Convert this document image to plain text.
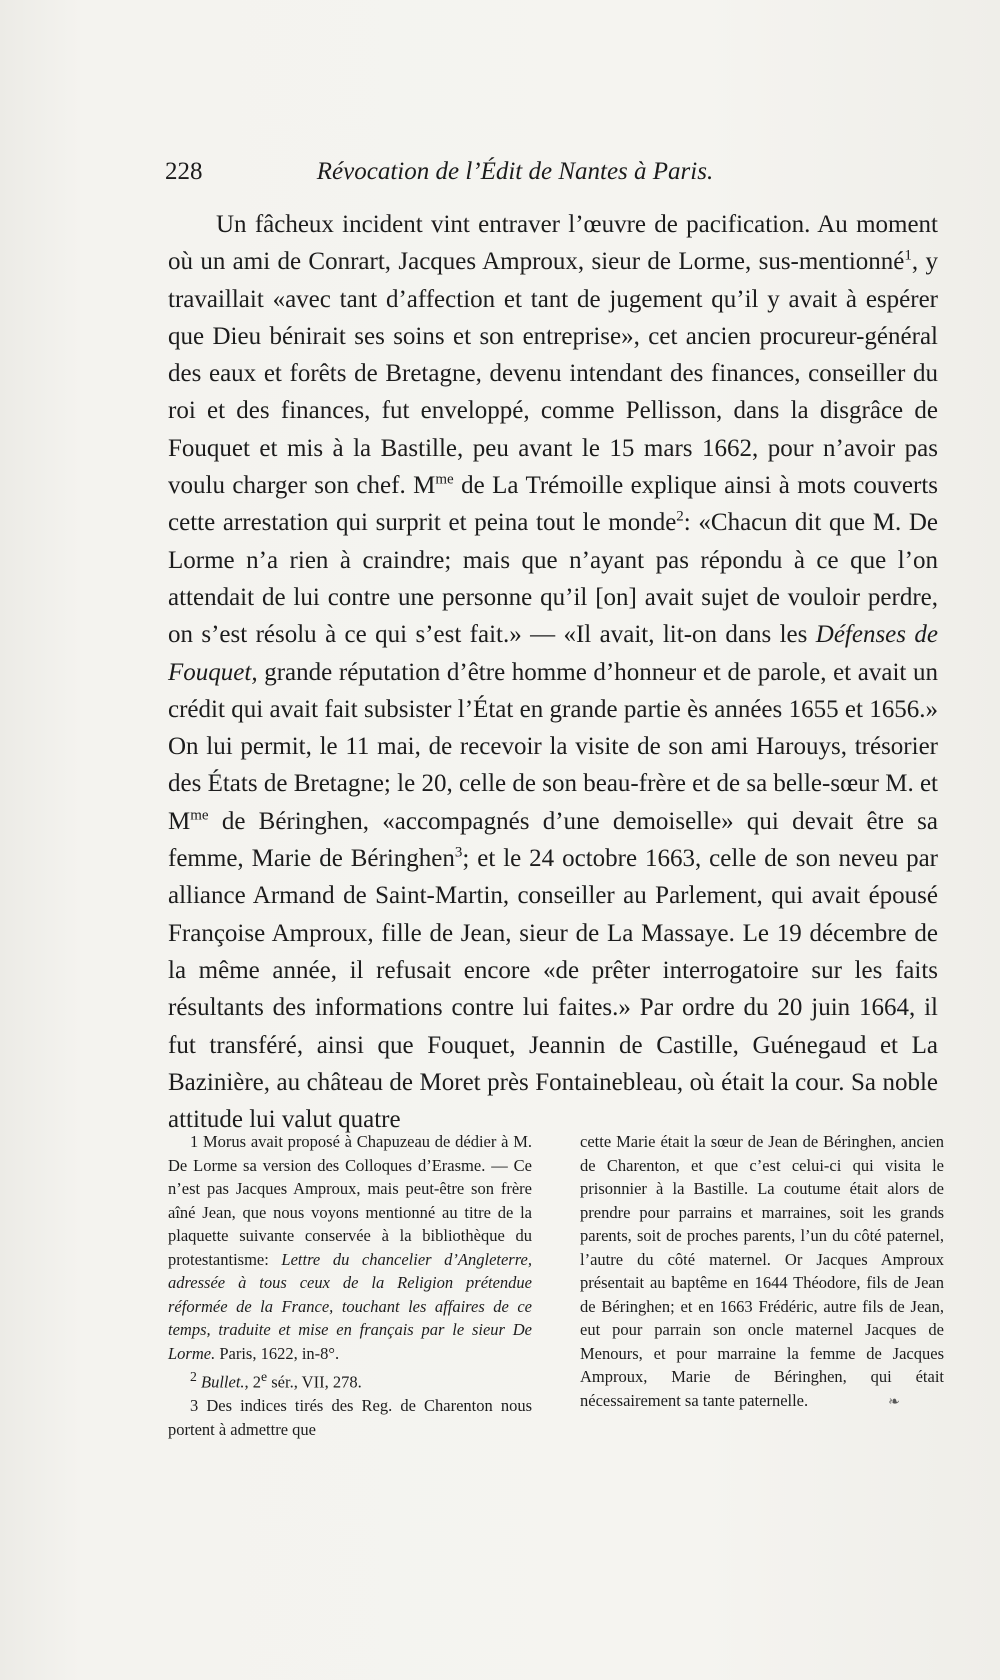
228	Révocation de l’Édit de Nantes à Paris.

Un fâcheux incident vint entraver l’œuvre de pacification. Au moment où un ami de Conrart, Jacques Amproux, sieur de Lorme, sus-mentionné$^1$, y travaillait «avec tant d’affection et tant de jugement qu’il y avait à espérer que Dieu bénirait ses soins et son entreprise», cet ancien procureur-général des eaux et forêts de Bretagne, devenu intendant des finances, conseiller du roi et des finances, fut enveloppé, comme Pellisson, dans la disgrâce de Fouquet et mis à la Bastille, peu avant le 15 mars 1662, pour n’avoir pas voulu charger son chef. $M^{me}$ de La Trémoille explique ainsi à mots couverts cette arrestation qui surprit et peina tout le monde$^2$: «Chacun dit que M. De Lorme n’a rien à craindre; mais que n’ayant pas répondu à ce que l’on attendait de lui contre une personne qu’il [on] avait sujet de vouloir perdre, on s’est résolu à ce qui s’est fait.» — «Il avait, lit-on dans les Défenses de Fouquet, grande réputation d’être homme d’honneur et de parole, et avait un crédit qui avait fait subsister l’État en grande partie ès années 1655 et 1656.» On lui permit, le 11 mai, de recevoir la visite de son ami Harouys, trésorier des États de Bretagne; le 20, celle de son beau-frère et de sa belle-sœur M. et $M^{me}$ de Béringhen, «accompagnés d’une demoiselle» qui devait être sa femme, Marie de Béringhen$^3$; et le 24 octobre 1663, celle de son neveu par alliance Armand de Saint-Martin, conseiller au Parlement, qui avait épousé Françoise Amproux, fille de Jean, sieur de La Massaye. Le 19 décembre de la même année, il refusait encore «de prêter interrogatoire sur les faits résultants des informations contre lui faites.» Par ordre du 20 juin 1664, il fut transféré, ainsi que Fouquet, Jeannin de Castille, Guénegaud et La Bazinière, au château de Moret près Fontainebleau, où était la cour. Sa noble attitude lui valut quatre

1 Morus avait proposé à Chapuzeau de dédier à M. De Lorme sa version des Colloques d’Erasme. — Ce n’est pas Jacques Amproux, mais peut-être son frère aîné Jean, que nous voyons mentionné au titre de la plaquette suivante conservée à la bibliothèque du protestantisme: Lettre du chancelier d’Angleterre, adressée à tous ceux de la Religion prétendue réformée de la France, touchant les affaires de ce temps, traduite et mise en français par le sieur De Lorme. Paris, 1622, in-8°.

$^2$ Bullet., 2e sér., VII, 278.

3 Des indices tirés des Reg. de Charenton nous portent à admettre que

cette Marie était la sœur de Jean de Béringhen, ancien de Charenton, et que c’est celui-ci qui visita le prisonnier à la Bastille. La coutume était alors de prendre pour parrains et marraines, soit les grands parents, soit de proches parents, l’un du côté paternel, l’autre du côté maternel. Or Jacques Amproux présentait au baptême en 1644 Théodore, fils de Jean de Béringhen; et en 1663 Frédéric, autre fils de Jean, eut pour parrain son oncle maternel Jacques de Menours, et pour marraine la femme de Jacques Amproux, Marie de Béringhen, qui était nécessairement sa tante paternelle.	❧
